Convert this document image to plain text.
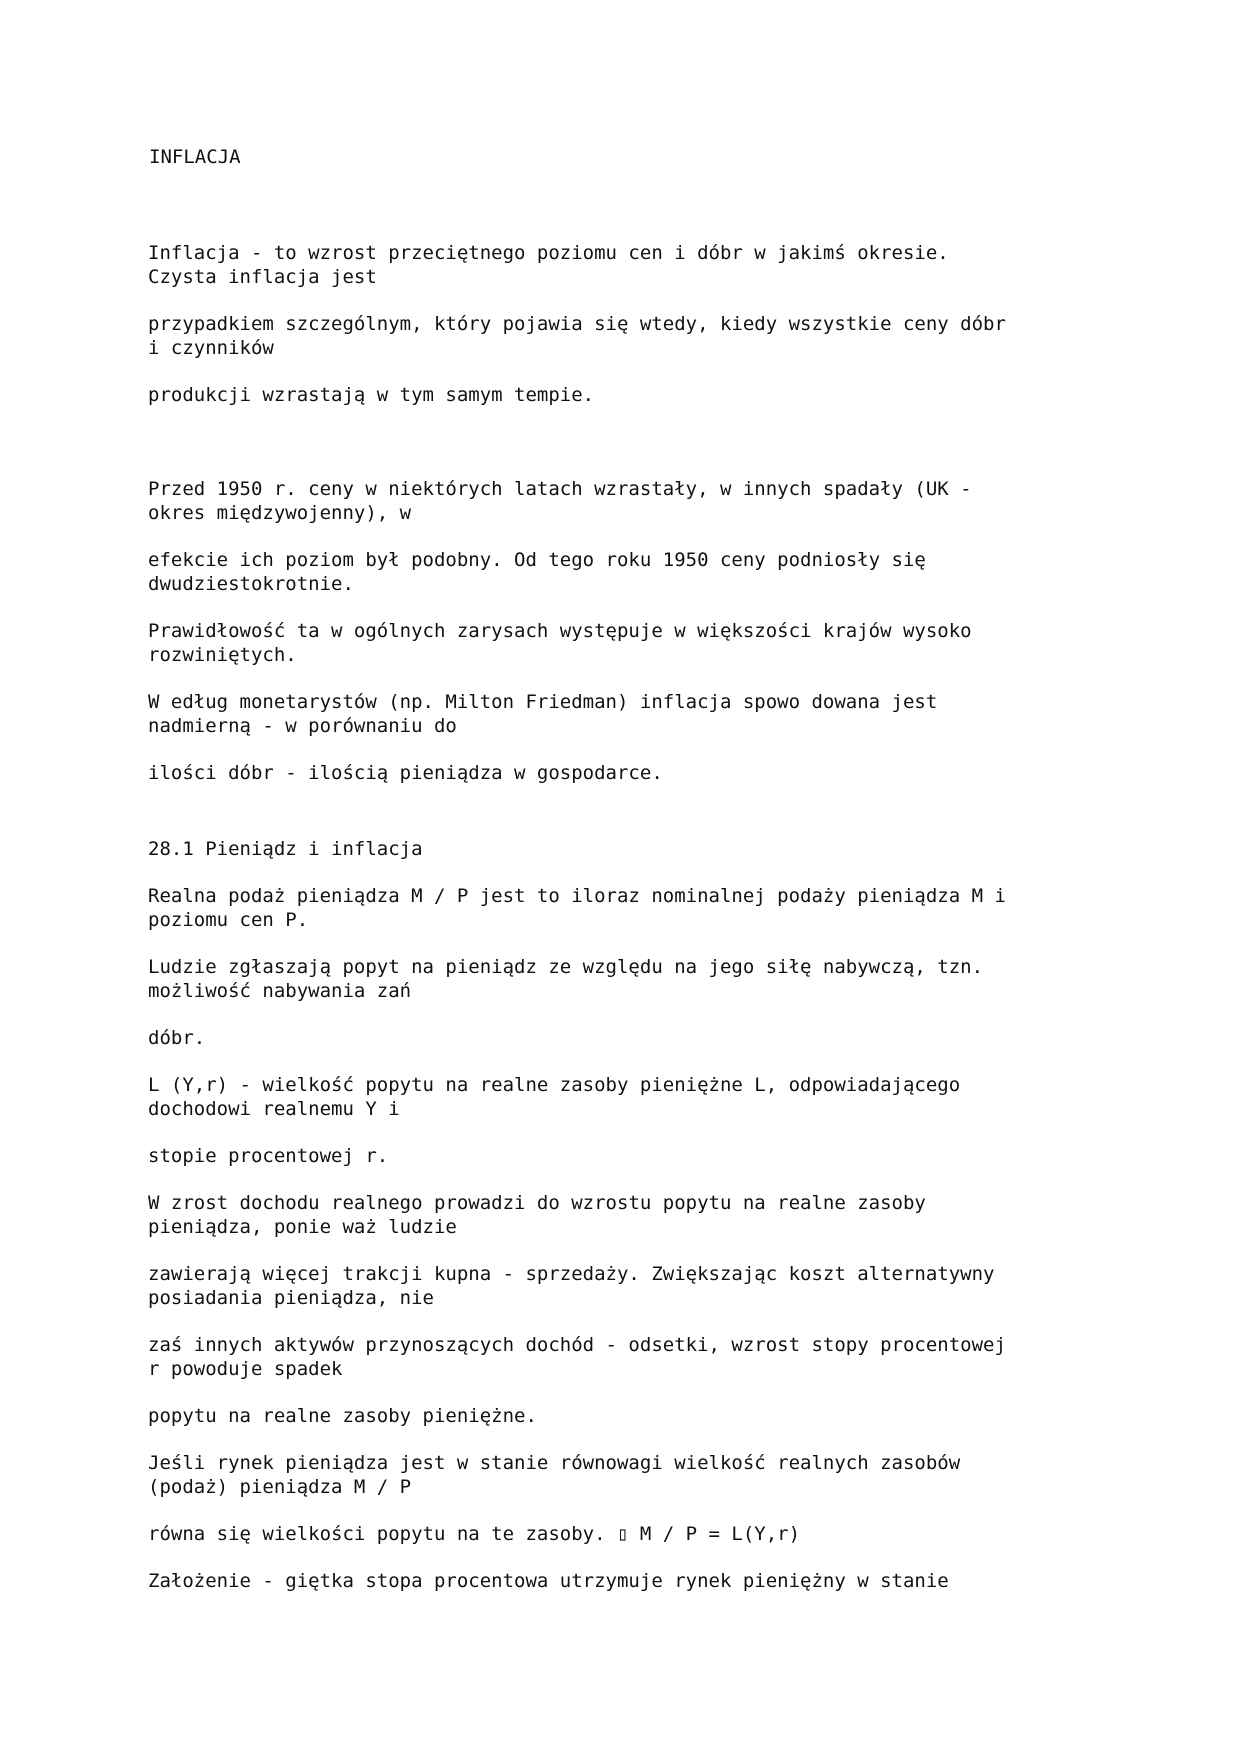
INFLACJA
Inflacja - to wzrost przeciętnego poziomu cen i dóbr w jakimś okresie.
Czysta inflacja jest
przypadkiem szczególnym, który pojawia się wtedy, kiedy wszystkie ceny dóbr
i czynników
produkcji wzrastają w tym samym tempie.
Przed 1950 r. ceny w niektórych latach wzrastały, w innych spadały (UK -
okres międzywojenny), w
efekcie ich poziom był podobny. Od tego roku 1950 ceny podniosły się
dwudziestokrotnie.
Prawidłowość ta w ogólnych zarysach występuje w większości krajów wysoko
rozwiniętych.
W edług monetarystów (np. Milton Friedman) inflacja spowo dowana jest
nadmierną - w porównaniu do
ilości dóbr - ilością pieniądza w gospodarce.
28.1 Pieniądz i inflacja
Realna podaż pieniądza M / P jest to iloraz nominalnej podaży pieniądza M i
poziomu cen P.
Ludzie zgłaszają popyt na pieniądz ze względu na jego siłę nabywczą, tzn.
możliwość nabywania zań
dóbr.
L (Y,r) - wielkość popytu na realne zasoby pieniężne L, odpowiadającego
dochodowi realnemu Y i
stopie procentowej r.
W zrost dochodu realnego prowadzi do wzrostu popytu na realne zasoby
pieniądza, ponie waż ludzie
zawierają więcej trakcji kupna - sprzedaży. Zwiększając koszt alternatywny
posiadania pieniądza, nie
zaś innych aktywów przynoszących dochód - odsetki, wzrost stopy procentowej
r powoduje spadek
popytu na realne zasoby pieniężne.
Jeśli rynek pieniądza jest w stanie równowagi wielkość realnych zasobów
(podaż) pieniądza M / P
równa się wielkości popytu na te zasoby. ▯ M / P = L(Y,r)
Założenie - giętka stopa procentowa utrzymuje rynek pieniężny w stanie
